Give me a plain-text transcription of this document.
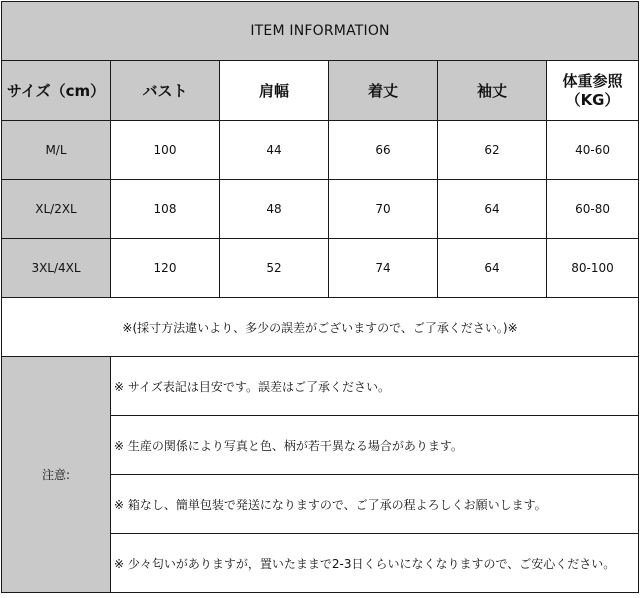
ITEM INFORMATION					
サイズ（cm）	バスト	肩幅	着丈	袖丈	体重参照
（KG）

M/L	100	44	66	62	40-60
XL/2XL	108	48	70	64	60-80
3XL/4XL	120	52	74	64	80-100
※(採寸方法違いより、多少の誤差がございますので、ご了承ください。)※					
注意:	※ サイズ表記は目安です。誤差はご了承ください。				
	※ 生産の関係により写真と色、柄が若干異なる場合があります。				
	※ 箱なし、簡単包装で発送になりますので、ご了承の程よろしくお願いします。				
	※ 少々匂いがありますが，置いたままで2-3日くらいになくなりますので、ご安心ください。				
